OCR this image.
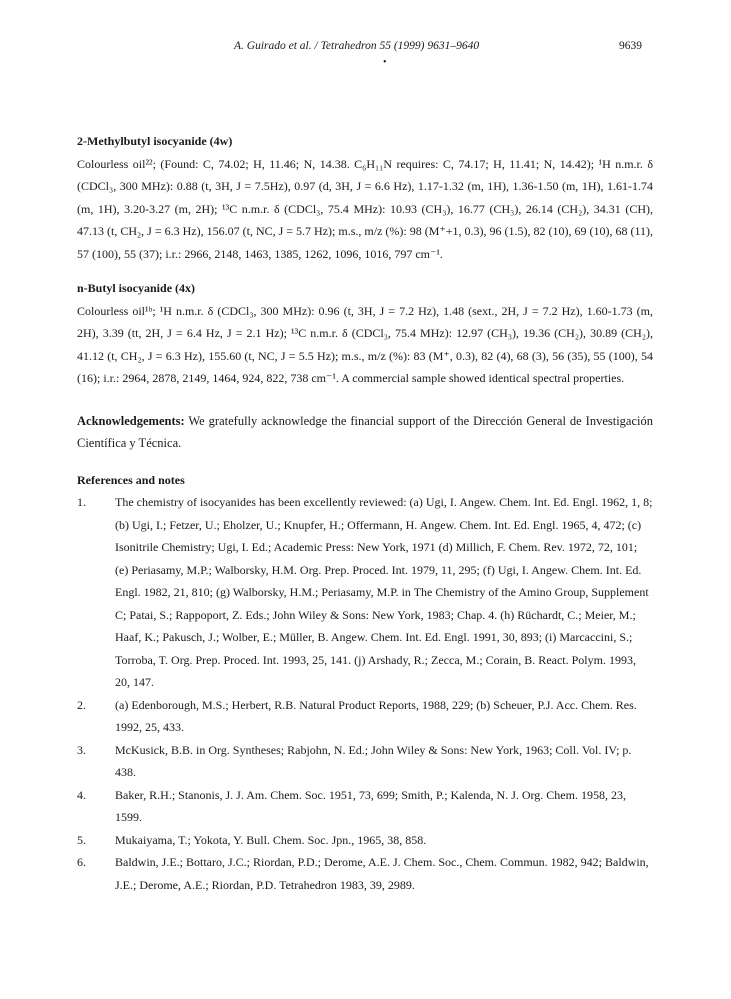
A. Guirado et al. / Tetrahedron 55 (1999) 9631–9640	9639
•
2-Methylbutyl isocyanide (4w)

Colourless oil²²; (Found: C, 74.02; H, 11.46; N, 14.38. C₆H₁₁N requires: C, 74.17; H, 11.41; N, 14.42); ¹H n.m.r. δ (CDCl₃, 300 MHz): 0.88 (t, 3H, J = 7.5Hz), 0.97 (d, 3H, J = 6.6 Hz), 1.17-1.32 (m, 1H), 1.36-1.50 (m, 1H), 1.61-1.74 (m, 1H), 3.20-3.27 (m, 2H); ¹³C n.m.r. δ (CDCl₃, 75.4 MHz): 10.93 (CH₃), 16.77 (CH₃), 26.14 (CH₂), 34.31 (CH), 47.13 (t, CH₂, J = 6.3 Hz), 156.07 (t, NC, J = 5.7 Hz); m.s., m/z (%): 98 (M⁺+1, 0.3), 96 (1.5), 82 (10), 69 (10), 68 (11), 57 (100), 55 (37); i.r.: 2966, 2148, 1463, 1385, 1262, 1096, 1016, 797 cm⁻¹.

n-Butyl isocyanide (4x)

Colourless oil¹ᵇ; ¹H n.m.r. δ (CDCl₃, 300 MHz): 0.96 (t, 3H, J = 7.2 Hz), 1.48 (sext., 2H, J = 7.2 Hz), 1.60-1.73 (m, 2H), 3.39 (tt, 2H, J = 6.4 Hz, J = 2.1 Hz); ¹³C n.m.r. δ (CDCl₃, 75.4 MHz): 12.97 (CH₃), 19.36 (CH₂), 30.89 (CH₂), 41.12 (t, CH₂, J = 6.3 Hz), 155.60 (t, NC, J = 5.5 Hz); m.s., m/z (%): 83 (M⁺, 0.3), 82 (4), 68 (3), 56 (35), 55 (100), 54 (16); i.r.: 2964, 2878, 2149, 1464, 924, 822, 738 cm⁻¹. A commercial sample showed identical spectral properties.

Acknowledgements: We gratefully acknowledge the financial support of the Dirección General de Investigación Científica y Técnica.

References and notes
1. The chemistry of isocyanides has been excellently reviewed: (a) Ugi, I. Angew. Chem. Int. Ed. Engl. 1962, 1, 8; (b) Ugi, I.; Fetzer, U.; Eholzer, U.; Knupfer, H.; Offermann, H. Angew. Chem. Int. Ed. Engl. 1965, 4, 472; (c) Isonitrile Chemistry; Ugi, I. Ed.; Academic Press: New York, 1971 (d) Millich, F. Chem. Rev. 1972, 72, 101; (e) Periasamy, M.P.; Walborsky, H.M. Org. Prep. Proced. Int. 1979, 11, 295; (f) Ugi, I. Angew. Chem. Int. Ed. Engl. 1982, 21, 810; (g) Walborsky, H.M.; Periasamy, M.P. in The Chemistry of the Amino Group, Supplement C; Patai, S.; Rappoport, Z. Eds.; John Wiley & Sons: New York, 1983; Chap. 4. (h) Rüchardt, C.; Meier, M.; Haaf, K.; Pakusch, J.; Wolber, E.; Müller, B. Angew. Chem. Int. Ed. Engl. 1991, 30, 893; (i) Marcaccini, S.; Torroba, T. Org. Prep. Proced. Int. 1993, 25, 141. (j) Arshady, R.; Zecca, M.; Corain, B. React. Polym. 1993, 20, 147.
2. (a) Edenborough, M.S.; Herbert, R.B. Natural Product Reports, 1988, 229; (b) Scheuer, P.J. Acc. Chem. Res. 1992, 25, 433.
3. McKusick, B.B. in Org. Syntheses; Rabjohn, N. Ed.; John Wiley & Sons: New York, 1963; Coll. Vol. IV; p. 438.
4. Baker, R.H.; Stanonis, J. J. Am. Chem. Soc. 1951, 73, 699; Smith, P.; Kalenda, N. J. Org. Chem. 1958, 23, 1599.
5. Mukaiyama, T.; Yokota, Y. Bull. Chem. Soc. Jpn., 1965, 38, 858.
6. Baldwin, J.E.; Bottaro, J.C.; Riordan, P.D.; Derome, A.E. J. Chem. Soc., Chem. Commun. 1982, 942; Baldwin, J.E.; Derome, A.E.; Riordan, P.D. Tetrahedron 1983, 39, 2989.
